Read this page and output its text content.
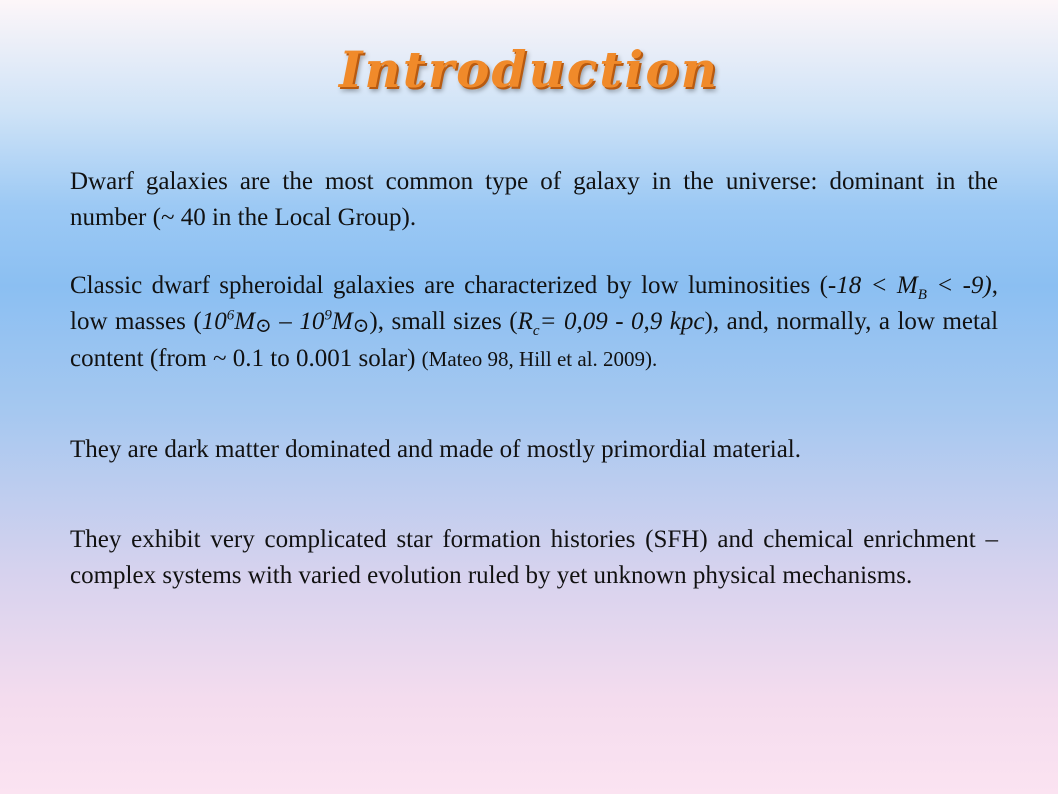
Introduction
Dwarf galaxies are the most common type of galaxy in the universe: dominant in the number (~ 40 in the Local Group).
Classic dwarf spheroidal galaxies are characterized by low luminosities $(-18 < M_B < -9)$, low masses ($10^6M⊙$ – $10^9M⊙$), small sizes ($R_c= 0,09 - 0,9$ kpc), and, normally, a low metal content (from ~ 0.1 to 0.001 solar) (Mateo 98, Hill et al. 2009).
They are dark matter dominated and made of mostly primordial material.
They exhibit very complicated star formation histories (SFH) and chemical enrichment – complex systems with varied evolution ruled by yet unknown physical mechanisms.
